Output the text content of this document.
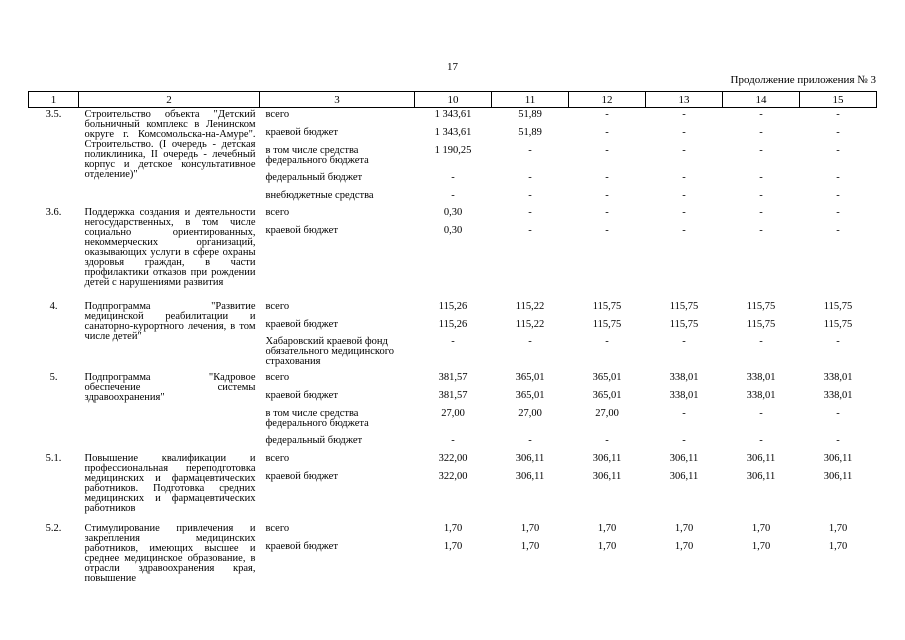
17
Продолжение приложения № 3
1	2	3	10	11	12	13	14	15
3.5.	Строительство объекта "Детский больничный комплекс в Ленинском округе г. Комсомольска-на-Амуре". Строительство. (I очередь - детская поликлиника, II очередь - лечебный корпус и детское консультативное отделение)"	всего	1 343,61	51,89	-	-	-	-
		краевой бюджет	1 343,61	51,89	-	-	-	-
		в том числе средства федерального бюджета	1 190,25	-	-	-	-	-
		федеральный бюджет	-	-	-	-	-	-
		внебюджетные средства	-	-	-	-	-	-
3.6.	Поддержка создания и деятельности негосударственных, в том числе социально ориентированных, некоммерческих организаций, оказывающих услуги в сфере охраны здоровья граждан, в части профилактики отказов при рождении детей с нарушениями развития	всего	0,30	-	-	-	-	-
		краевой бюджет	0,30	-	-	-	-	-
4.	Подпрограмма "Развитие медицинской реабилитации и санаторно-курортного лечения, в том числе детей"	всего	115,26	115,22	115,75	115,75	115,75	115,75
		краевой бюджет	115,26	115,22	115,75	115,75	115,75	115,75
		Хабаровский краевой фонд обязательного медицинского страхования	-	-	-	-	-	-
5.	Подпрограмма "Кадровое обеспечение системы здравоохранения"	всего	381,57	365,01	365,01	338,01	338,01	338,01
		краевой бюджет	381,57	365,01	365,01	338,01	338,01	338,01
		в том числе средства федерального бюджета	27,00	27,00	27,00	-	-	-
		федеральный бюджет	-	-	-	-	-	-
5.1.	Повышение квалификации и профессиональная переподготовка медицинских и фармацевтических работников. Подготовка средних медицинских и фармацевтических работников	всего	322,00	306,11	306,11	306,11	306,11	306,11
		краевой бюджет	322,00	306,11	306,11	306,11	306,11	306,11
5.2.	Стимулирование привлечения и закрепления медицинских работников, имеющих высшее и среднее медицинское образование, в отрасли здравоохранения края, повышение	всего	1,70	1,70	1,70	1,70	1,70	1,70
		краевой бюджет	1,70	1,70	1,70	1,70	1,70	1,70
